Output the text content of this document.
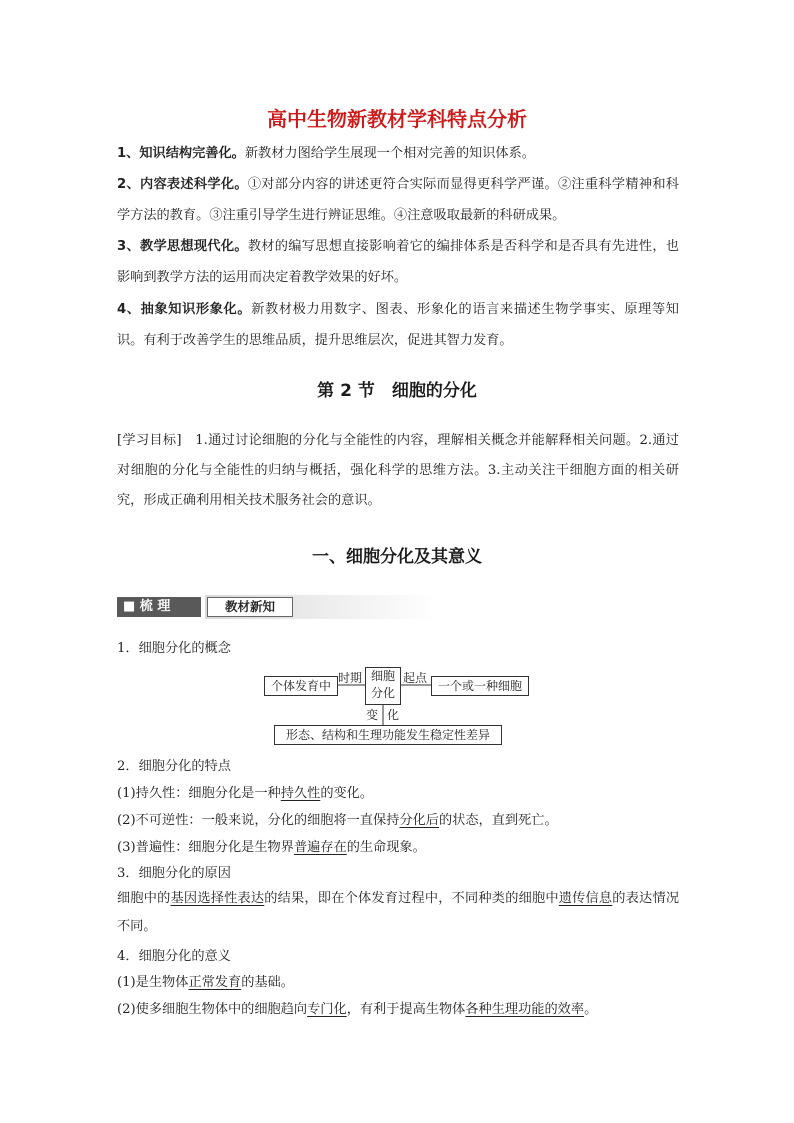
高中生物新教材学科特点分析
1、知识结构完善化。新教材力图给学生展现一个相对完善的知识体系。
2、内容表述科学化。①对部分内容的讲述更符合实际而显得更科学严谨。②注重科学精神和科学方法的教育。③注重引导学生进行辨证思维。④注意吸取最新的科研成果。
3、教学思想现代化。教材的编写思想直接影响着它的编排体系是否科学和是否具有先进性，也影响到教学方法的运用而决定着教学效果的好坏。
4、抽象知识形象化。新教材极力用数字、图表、形象化的语言来描述生物学事实、原理等知识。有利于改善学生的思维品质，提升思维层次，促进其智力发育。
第 2 节　细胞的分化
[学习目标]　1.通过讨论细胞的分化与全能性的内容，理解相关概念并能解释相关问题。2.通过对细胞的分化与全能性的归纳与概括，强化科学的思维方法。3.主动关注干细胞方面的相关研究，形成正确利用相关技术服务社会的意识。
一、细胞分化及其意义
■ 梳 理	教材新知
1．细胞分化的概念
个体发育中
时期 细胞
分化
起点
一个或一种细胞
变 化
形态、结构和生理功能发生稳定性差异
2．细胞分化的特点
(1)持久性：细胞分化是一种持久性的变化。
(2)不可逆性：一般来说，分化的细胞将一直保持分化后的状态，直到死亡。
(3)普遍性：细胞分化是生物界普遍存在的生命现象。
3．细胞分化的原因
细胞中的基因选择性表达的结果，即在个体发育过程中，不同种类的细胞中遗传信息的表达情况不同。
4．细胞分化的意义
(1)是生物体正常发育的基础。
(2)使多细胞生物体中的细胞趋向专门化，有利于提高生物体各种生理功能的效率。
